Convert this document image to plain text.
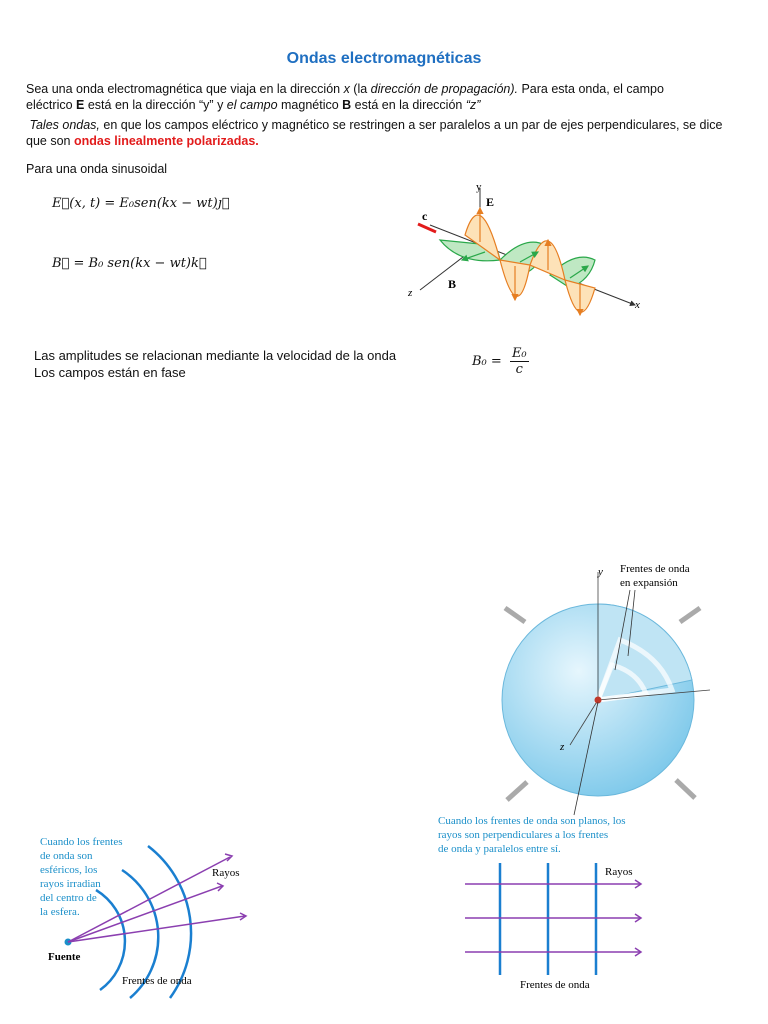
Ondas electromagnéticas
Sea una onda electromagnética que viaja en la dirección x (la dirección de propagación). Para esta onda, el campo
eléctrico E está en la dirección “y” y el campo magnético B está en la dirección “z”
Tales ondas, en que los campos eléctrico y magnético se restringen a ser paralelos a un par de ejes perpendiculares, se dice que son ondas linealmente polarizadas.
Para una onda sinusoidal
E⃗(x, t) = E₀sen(kx − wt)ȷ⃗
B⃗ = B₀ sen(kx − wt)k⃗
Las amplitudes se relacionan mediante la velocidad de la onda
Los campos están en fase
$B_0 = \frac{\text{E₀}}{c}$
y
E
c
z
B
x
y
z
Frentes de onda
en expansión
Cuando los frentes de onda son planos, los
rayos son perpendiculares a los frentes
de onda y paralelos entre sí.
Cuando los frentes
de onda son
esféricos, los
rayos irradian
del centro de
la esfera.
Rayos
Fuente
Frentes de onda
Rayos
Frentes de onda
